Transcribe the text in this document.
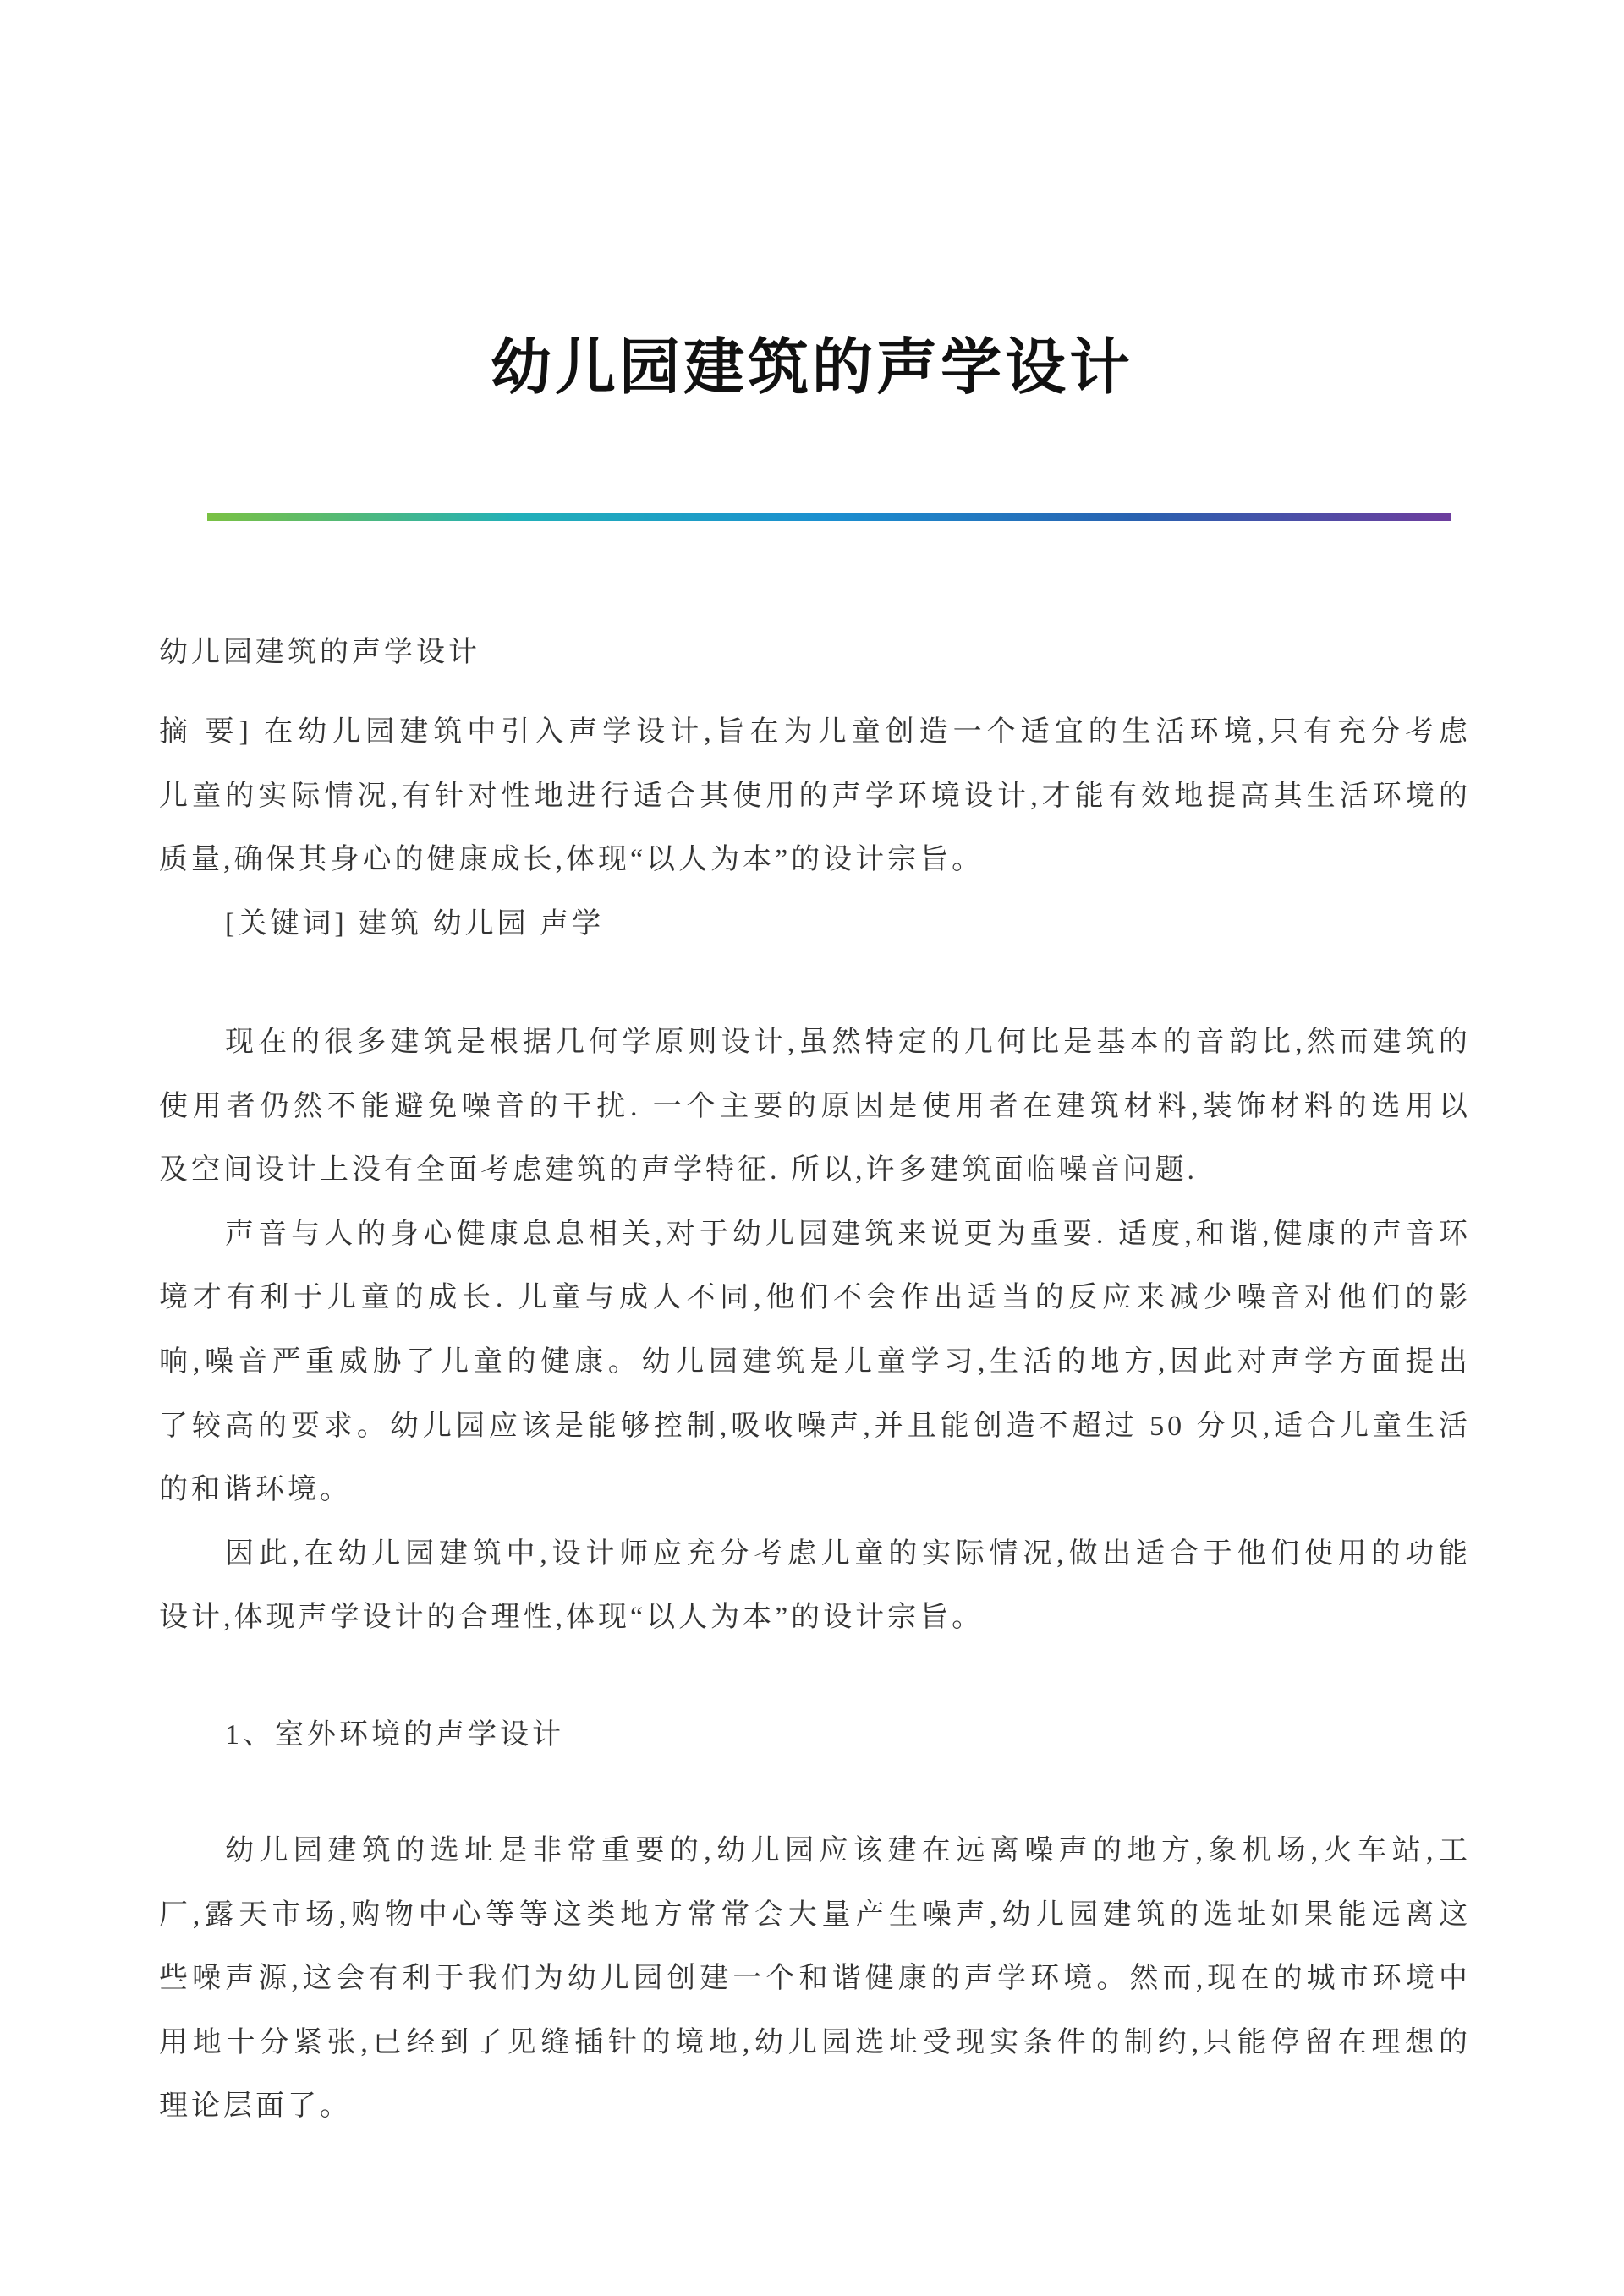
幼儿园建筑的声学设计
幼儿园建筑的声学设计
摘 要] 在幼儿园建筑中引入声学设计,旨在为儿童创造一个适宜的生活环境,只有充分考虑
儿童的实际情况,有针对性地进行适合其使用的声学环境设计,才能有效地提高其生活环境的
质量,确保其身心的健康成长,体现“以人为本”的设计宗旨。
[关键词] 建筑 幼儿园 声学
现在的很多建筑是根据几何学原则设计,虽然特定的几何比是基本的音韵比,然而建筑的
使用者仍然不能避免噪音的干扰. 一个主要的原因是使用者在建筑材料,装饰材料的选用以
及空间设计上没有全面考虑建筑的声学特征. 所以,许多建筑面临噪音问题.
声音与人的身心健康息息相关,对于幼儿园建筑来说更为重要. 适度,和谐,健康的声音环
境才有利于儿童的成长. 儿童与成人不同,他们不会作出适当的反应来减少噪音对他们的影
响,噪音严重威胁了儿童的健康。幼儿园建筑是儿童学习,生活的地方,因此对声学方面提出
了较高的要求。幼儿园应该是能够控制,吸收噪声,并且能创造不超过 50 分贝,适合儿童生活
的和谐环境。
因此,在幼儿园建筑中,设计师应充分考虑儿童的实际情况,做出适合于他们使用的功能
设计,体现声学设计的合理性,体现“以人为本”的设计宗旨。
1、室外环境的声学设计
幼儿园建筑的选址是非常重要的,幼儿园应该建在远离噪声的地方,象机场,火车站,工
厂,露天市场,购物中心等等这类地方常常会大量产生噪声,幼儿园建筑的选址如果能远离这
些噪声源,这会有利于我们为幼儿园创建一个和谐健康的声学环境。然而,现在的城市环境中
用地十分紧张,已经到了见缝插针的境地,幼儿园选址受现实条件的制约,只能停留在理想的
理论层面了。
